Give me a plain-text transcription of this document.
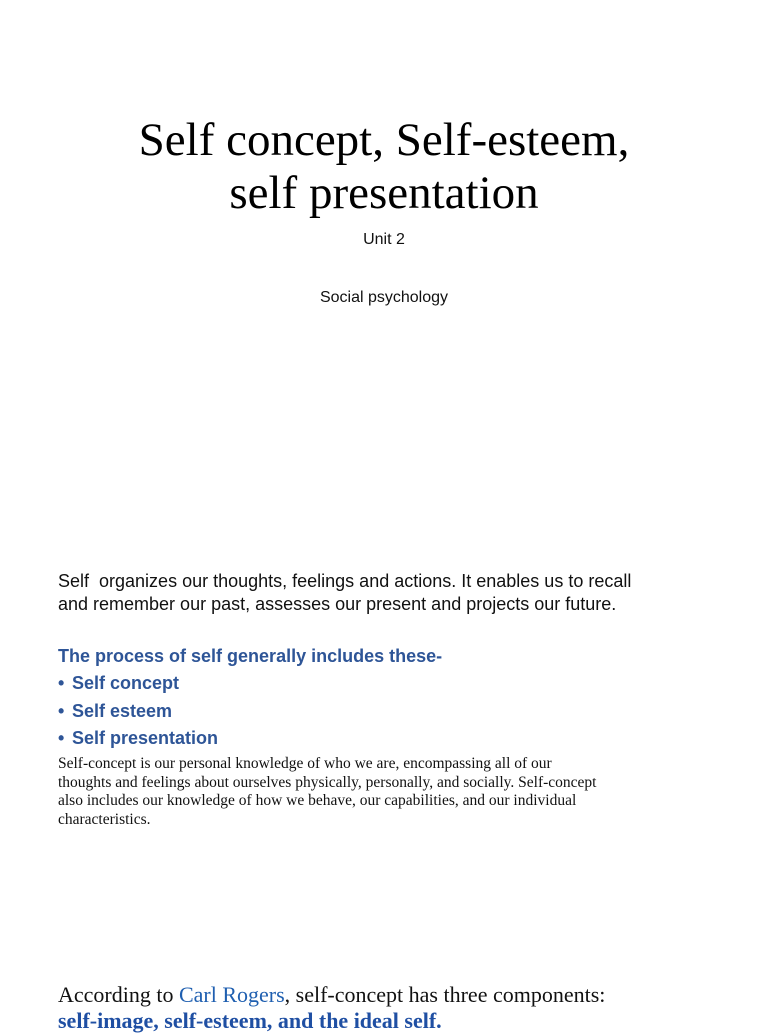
Self concept, Self-esteem,
self presentation
Unit 2
Social psychology
Self  organizes our thoughts, feelings and actions. It enables us to recall
and remember our past, assesses our present and projects our future.
The process of self generally includes these-
• Self concept
• Self esteem
• Self presentation
Self-concept is our personal knowledge of who we are, encompassing all of our
thoughts and feelings about ourselves physically, personally, and socially. Self-concept
also includes our knowledge of how we behave, our capabilities, and our individual
characteristics.
According to Carl Rogers, self-concept has three components:
self-image, self-esteem, and the ideal self.
